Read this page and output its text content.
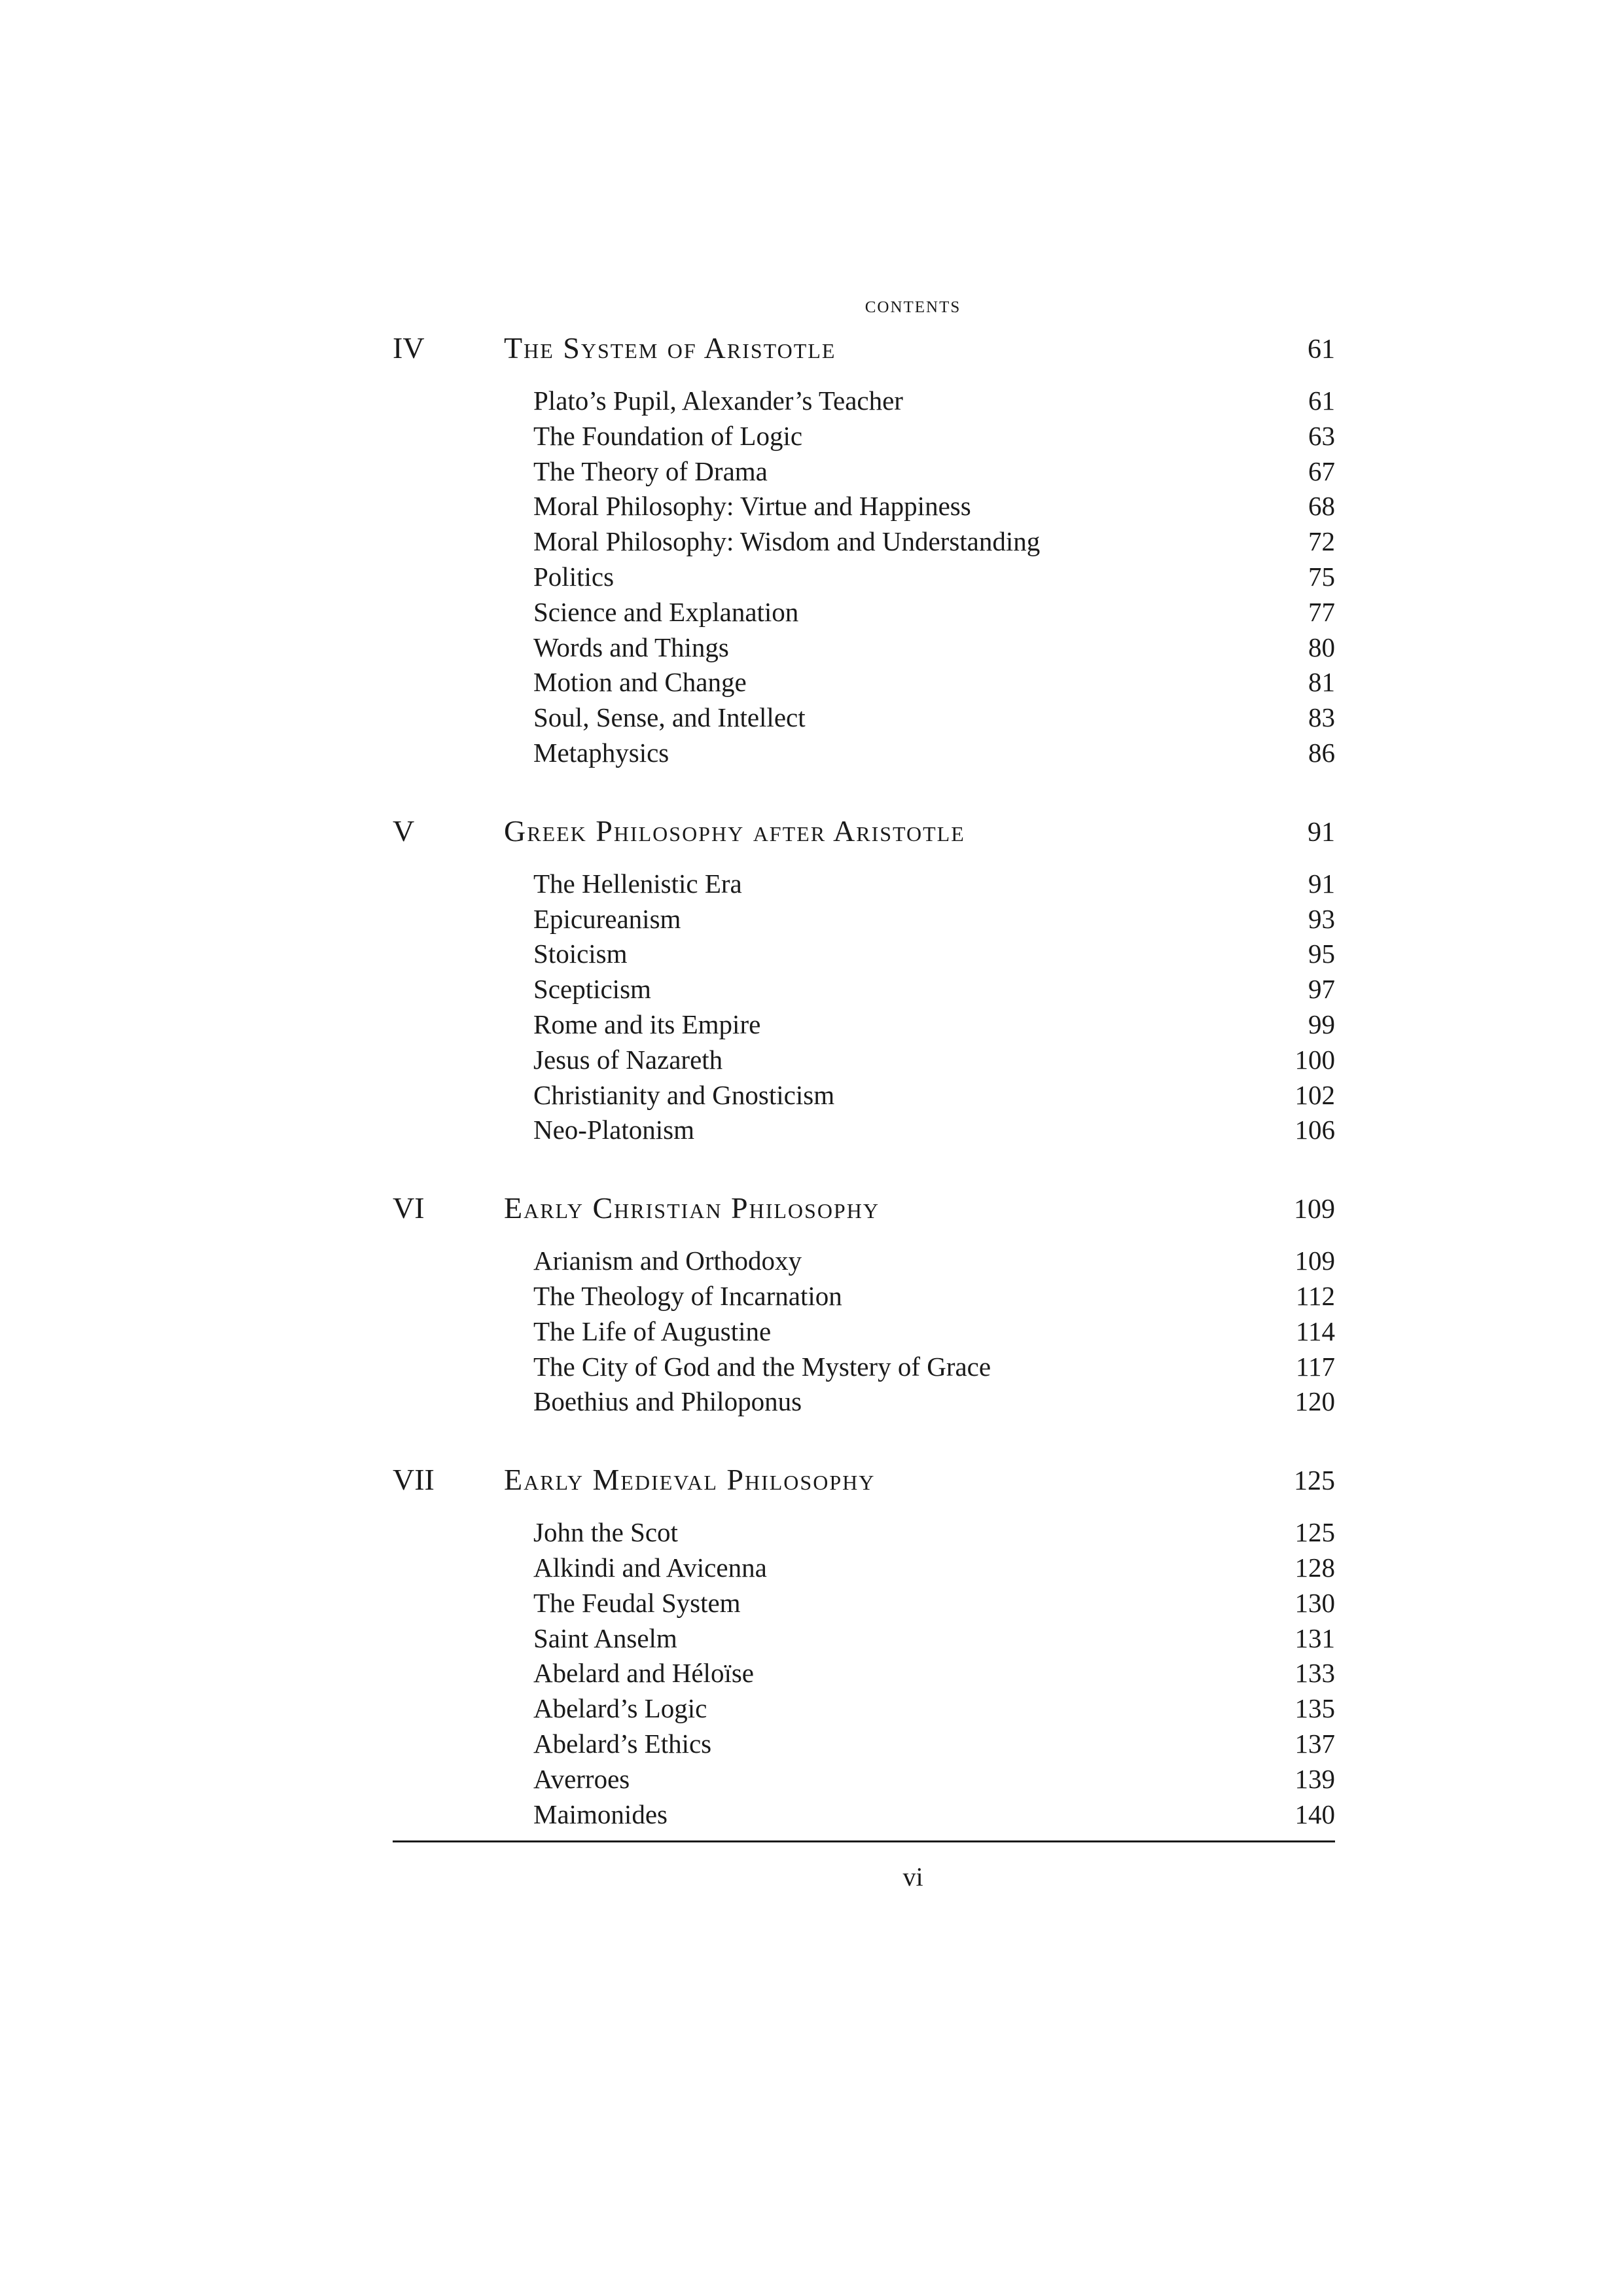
contents
IV	The System of Aristotle	61
Plato’s Pupil, Alexander’s Teacher	61
The Foundation of Logic	63
The Theory of Drama	67
Moral Philosophy: Virtue and Happiness	68
Moral Philosophy: Wisdom and Understanding	72
Politics	75
Science and Explanation	77
Words and Things	80
Motion and Change	81
Soul, Sense, and Intellect	83
Metaphysics	86
V	Greek Philosophy after Aristotle	91
The Hellenistic Era	91
Epicureanism	93
Stoicism	95
Scepticism	97
Rome and its Empire	99
Jesus of Nazareth	100
Christianity and Gnosticism	102
Neo-Platonism	106
VI	Early Christian Philosophy	109
Arianism and Orthodoxy	109
The Theology of Incarnation	112
The Life of Augustine	114
The City of God and the Mystery of Grace	117
Boethius and Philoponus	120
VII	Early Medieval Philosophy	125
John the Scot	125
Alkindi and Avicenna	128
The Feudal System	130
Saint Anselm	131
Abelard and Héloïse	133
Abelard’s Logic	135
Abelard’s Ethics	137
Averroes	139
Maimonides	140
vi
